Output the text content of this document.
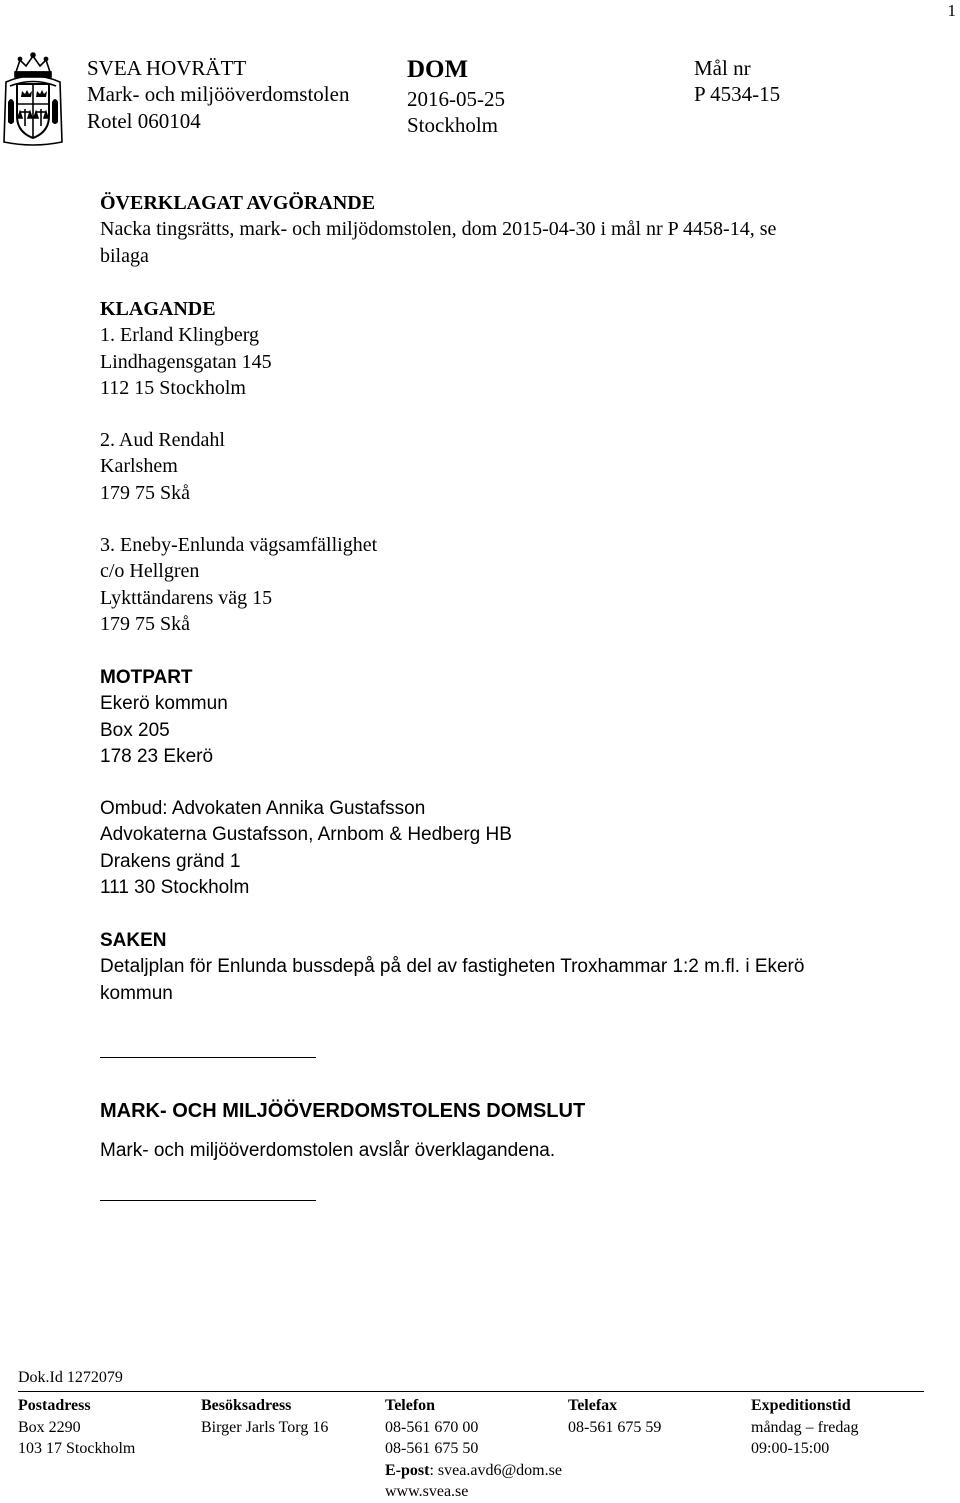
1
SVEA HOVRÄTT
Mark- och miljööverdomstolen
Rotel 060104
DOM
2016-05-25
Stockholm
Mål nr
P 4534-15
ÖVERKLAGAT AVGÖRANDE
Nacka tingsrätts, mark- och miljödomstolen, dom 2015-04-30 i mål nr P 4458-14, se
bilaga
KLAGANDE
1. Erland Klingberg
Lindhagensgatan 145
112 15 Stockholm
2. Aud Rendahl
Karlshem
179 75 Skå
3. Eneby-Enlunda vägsamfällighet
c/o Hellgren
Lykttändarens väg 15
179 75 Skå
MOTPART
Ekerö kommun
Box 205
178 23 Ekerö
Ombud: Advokaten Annika Gustafsson
Advokaterna Gustafsson, Arnbom & Hedberg HB
Drakens gränd 1
111 30 Stockholm
SAKEN
Detaljplan för Enlunda bussdepå på del av fastigheten Troxhammar 1:2 m.fl. i Ekerö
kommun
MARK- OCH MILJÖÖVERDOMSTOLENS DOMSLUT
Mark- och miljööverdomstolen avslår överklagandena.
Dok.Id 1272079
Postadress
Box 2290
103 17 Stockholm
Besöksadress
Birger Jarls Torg 16
Telefon
08-561 670 00
08-561 675 50
E-post: svea.avd6@dom.se
www.svea.se
Telefax
08-561 675 59
Expeditionstid
måndag – fredag
09:00-15:00
